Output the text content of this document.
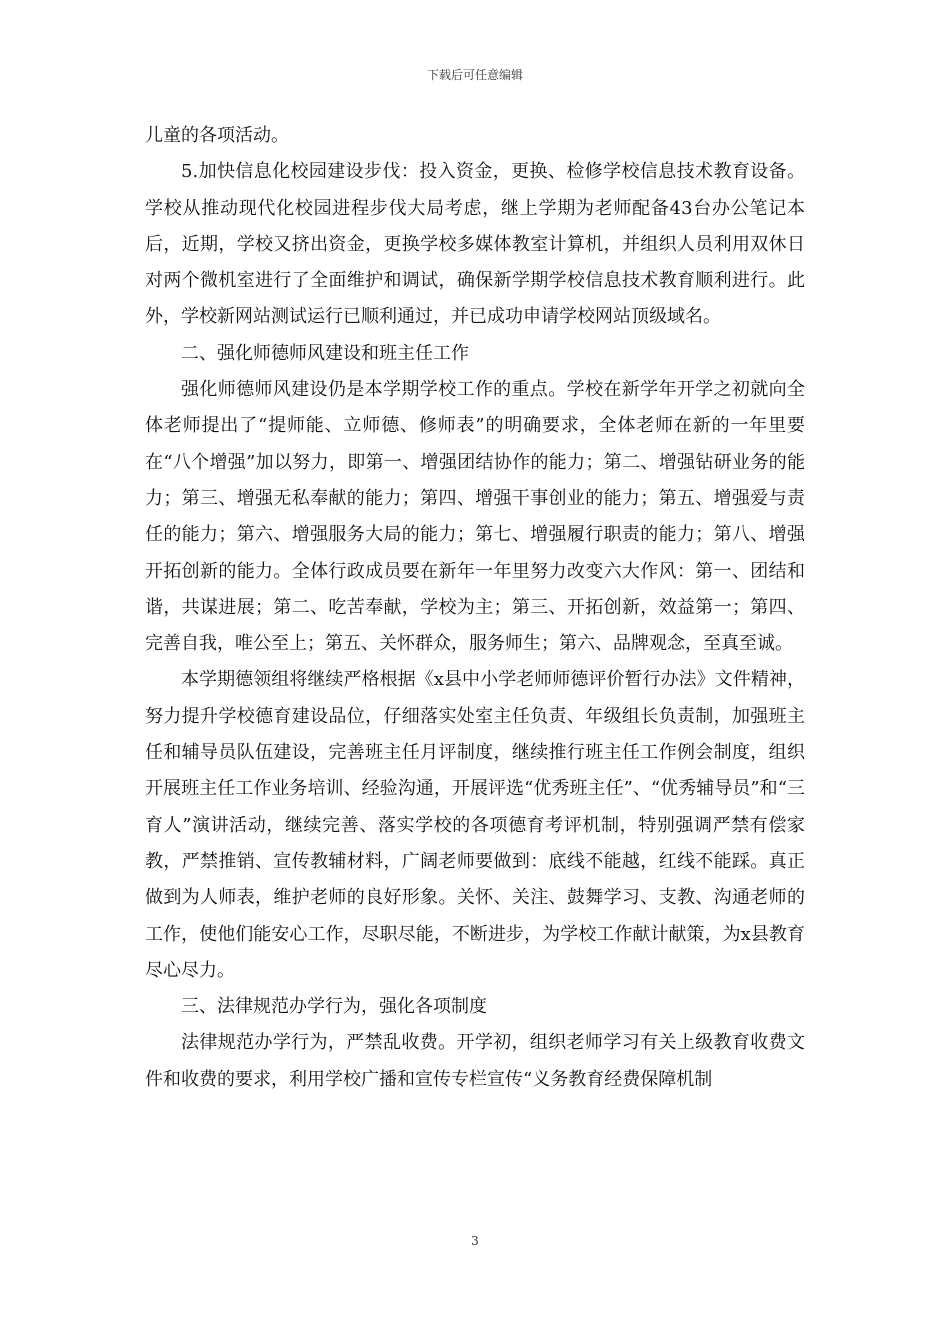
下载后可任意编辑

儿童的各项活动。

5.加快信息化校园建设步伐：投入资金，更换、检修学校信息技术教育设备。学校从推动现代化校园进程步伐大局考虑，继上学期为老师配备43台办公笔记本后，近期，学校又挤出资金，更换学校多媒体教室计算机，并组织人员利用双休日对两个微机室进行了全面维护和调试，确保新学期学校信息技术教育顺利进行。此外，学校新网站测试运行已顺利通过，并已成功申请学校网站顶级域名。

二、强化师德师风建设和班主任工作

强化师德师风建设仍是本学期学校工作的重点。学校在新学年开学之初就向全体老师提出了“提师能、立师德、修师表”的明确要求，全体老师在新的一年里要在“八个增强”加以努力，即第一、增强团结协作的能力；第二、增强钻研业务的能力；第三、增强无私奉献的能力；第四、增强干事创业的能力；第五、增强爱与责任的能力；第六、增强服务大局的能力；第七、增强履行职责的能力；第八、增强开拓创新的能力。全体行政成员要在新年一年里努力改变六大作风：第一、团结和谐，共谋进展；第二、吃苦奉献，学校为主；第三、开拓创新，效益第一；第四、完善自我，唯公至上；第五、关怀群众，服务师生；第六、品牌观念，至真至诚。

本学期德领组将继续严格根据《x县中小学老师师德评价暂行办法》文件精神，努力提升学校德育建设品位，仔细落实处室主任负责、年级组长负责制，加强班主任和辅导员队伍建设，完善班主任月评制度，继续推行班主任工作例会制度，组织开展班主任工作业务培训、经验沟通，开展评选“优秀班主任”、“优秀辅导员”和“三育人”演讲活动，继续完善、落实学校的各项德育考评机制，特别强调严禁有偿家教，严禁推销、宣传教辅材料，广阔老师要做到：底线不能越，红线不能踩。真正做到为人师表，维护老师的良好形象。关怀、关注、鼓舞学习、支教、沟通老师的工作，使他们能安心工作，尽职尽能，不断进步，为学校工作献计献策，为x县教育尽心尽力。

三、法律规范办学行为，强化各项制度

法律规范办学行为，严禁乱收费。开学初，组织老师学习有关上级教育收费文件和收费的要求，利用学校广播和宣传专栏宣传“义务教育经费保障机制

3
